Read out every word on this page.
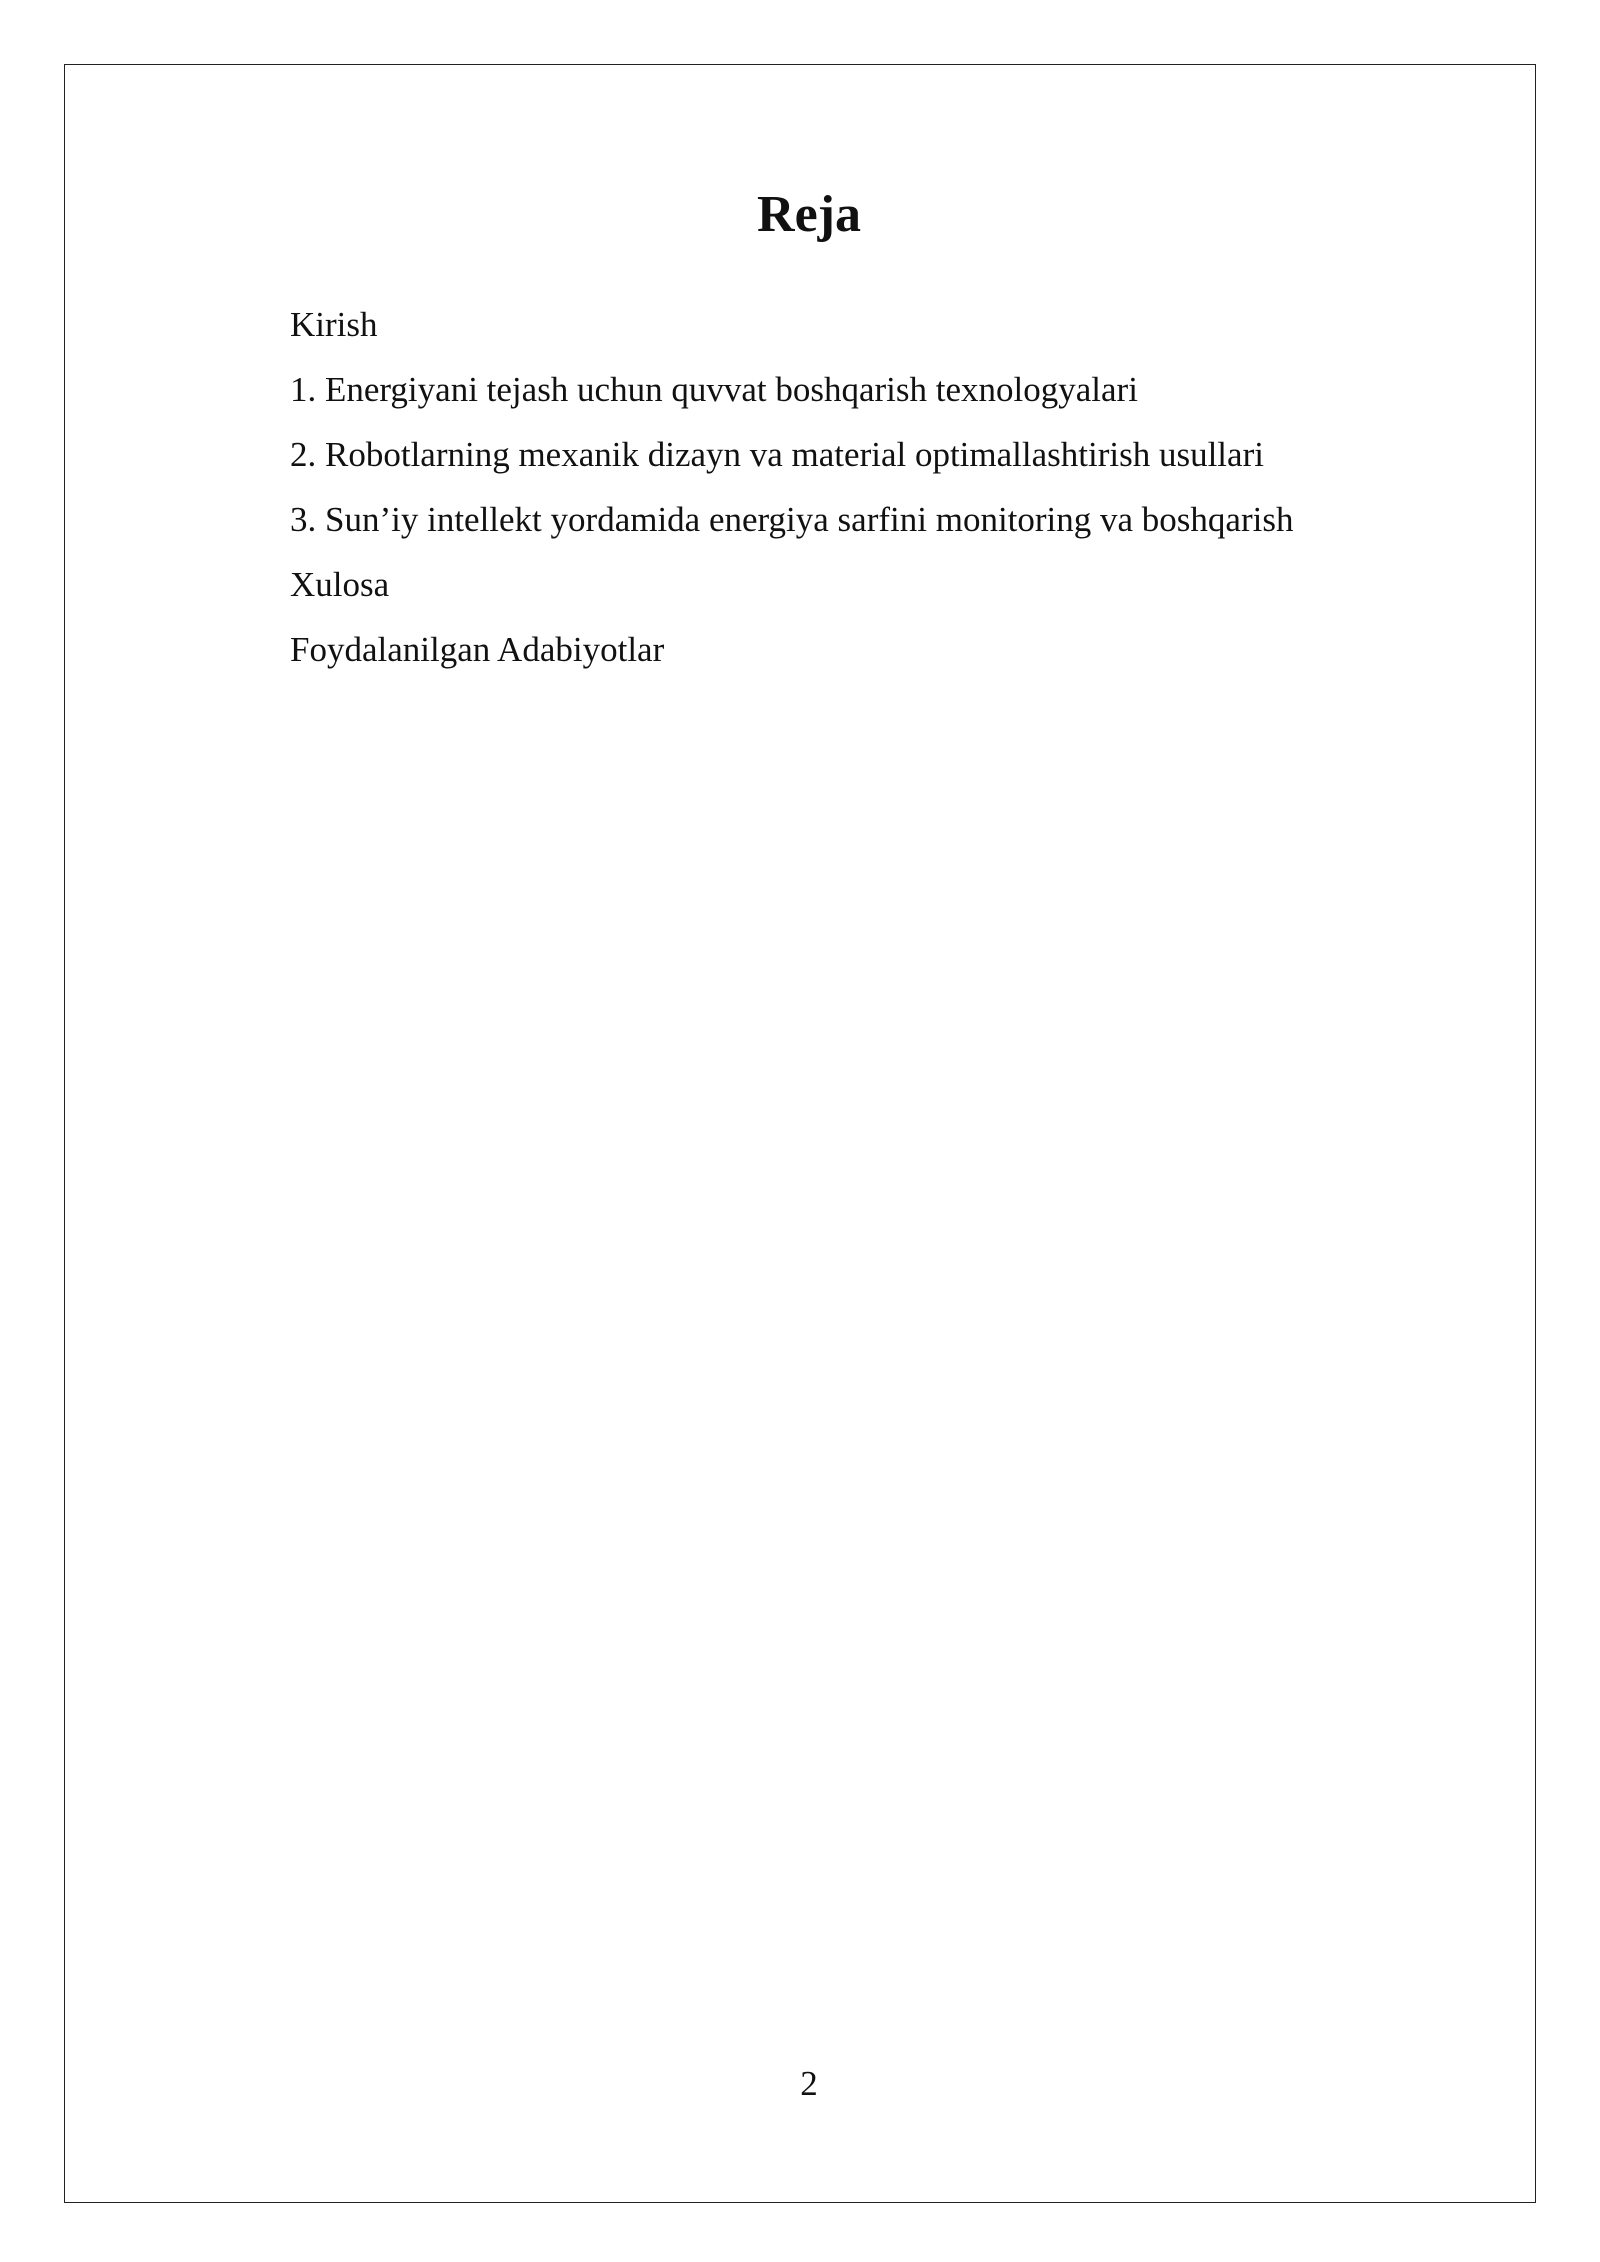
Reja
Kirish
1. Energiyani tejash uchun quvvat boshqarish texnologyalari
2. Robotlarning mexanik dizayn va material optimallashtirish usullari
3. Sun’iy intellekt yordamida energiya sarfini monitoring va boshqarish
Xulosa
Foydalanilgan Adabiyotlar
2
